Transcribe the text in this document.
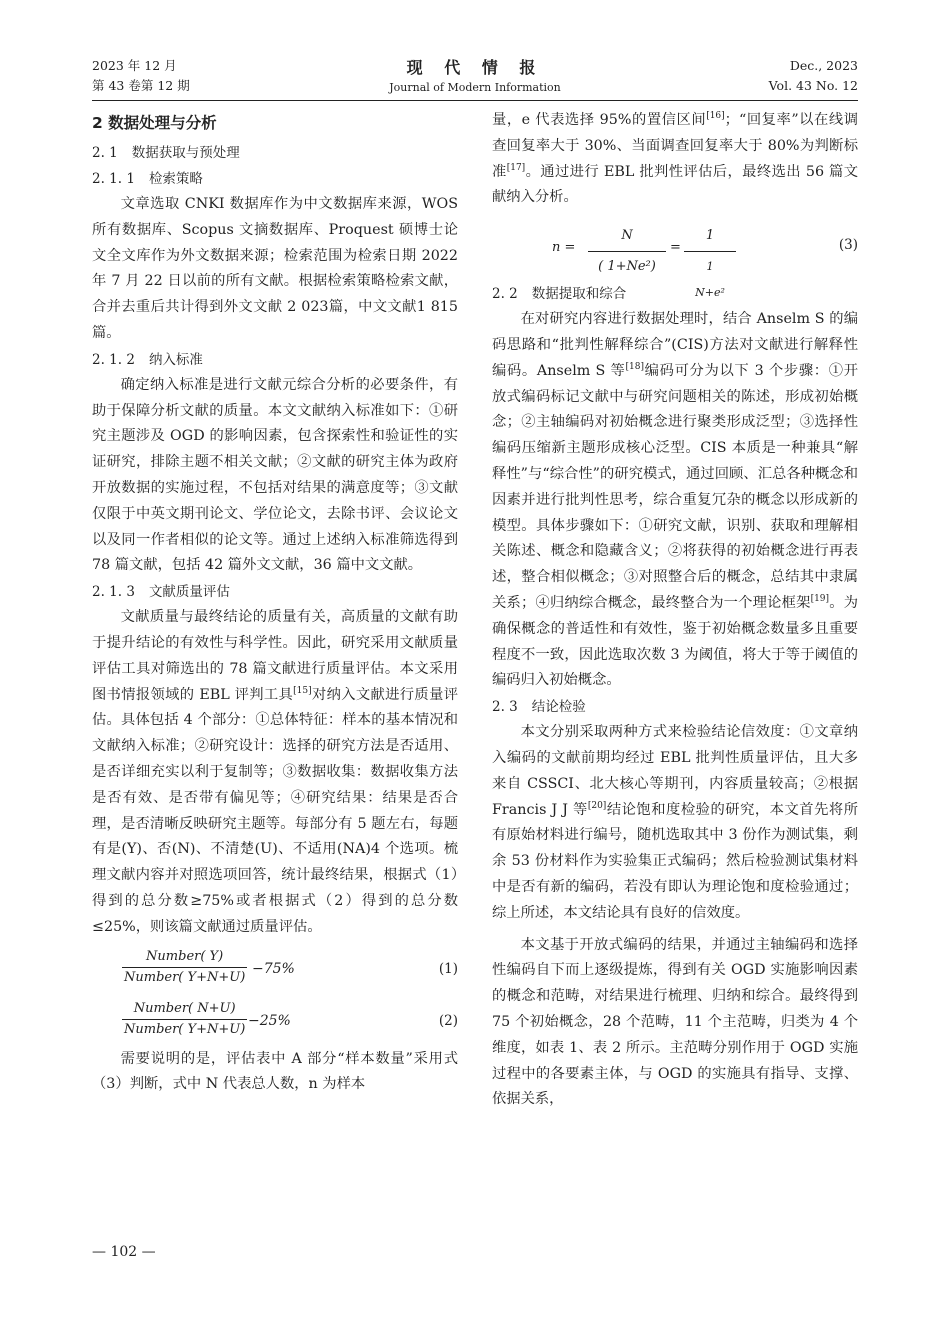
2023 年 12 月
第 43 卷第 12 期
现 代 情 报
Journal of Modern Information
Dec., 2023
Vol. 43 No. 12
2 数据处理与分析
2. 1 数据获取与预处理
2. 1. 1 检索策略

文章选取 CNKI 数据库作为中文数据库来源，WOS 所有数据库、Scopus 文摘数据库、Proquest 硕博士论文全文库作为外文数据来源；检索范围为检索日期 2022 年 7 月 22 日以前的所有文献。根据检索策略检索文献，合并去重后共计得到外文文献 2 023篇，中文文献1 815篇。

2. 1. 2 纳入标准

确定纳入标准是进行文献元综合分析的必要条件，有助于保障分析文献的质量。本文文献纳入标准如下：①研究主题涉及 OGD 的影响因素，包含探索性和验证性的实证研究，排除主题不相关文献；②文献的研究主体为政府开放数据的实施过程，不包括对结果的满意度等；③文献仅限于中英文期刊论文、学位论文，去除书评、会议论文以及同一作者相似的论文等。通过上述纳入标准筛选得到 78 篇文献，包括 42 篇外文文献，36 篇中文文献。

2. 1. 3 文献质量评估

文献质量与最终结论的质量有关，高质量的文献有助于提升结论的有效性与科学性。因此，研究采用文献质量评估工具对筛选出的 78 篇文献进行质量评估。本文采用图书情报领域的 EBL 评判工具[15]对纳入文献进行质量评估。具体包括 4 个部分：①总体特征：样本的基本情况和文献纳入标准；②研究设计：选择的研究方法是否适用、是否详细充实以利于复制等；③数据收集：数据收集方法是否有效、是否带有偏见等；④研究结果：结果是否合理，是否清晰反映研究主题等。每部分有 5 题左右，每题有是(Y)、否(N)、不清楚(U)、不适用(NA)4 个选项。梳理文献内容并对照选项回答，统计最终结果，根据式（1）得到的总分数≥75%或者根据式（2）得到的总分数≤25%，则该篇文献通过质量评估。

Number( Y)
Number( Y+N+U)
−75%	(1)
Number( N+U)
Number( Y+N+U)
−25%	(2)

需要说明的是，评估表中 A 部分“样本数量”采用式（3）判断，式中 N 代表总人数，n 为样本

量，e 代表选择 95%的置信区间[16]；“回复率”以在线调查回复率大于 30%、当面调查回复率大于 80%为判断标准[17]。通过进行 EBL 批判性评估后，最终选出 56 篇文献纳入分析。

n =
N
( 1+Ne²)
=
1
1
N+e²
(3)
2. 2 数据提取和综合

在对研究内容进行数据处理时，结合 Anselm S 的编码思路和“批判性解释综合”(CIS)方法对文献进行解释性编码。Anselm S 等[18]编码可分为以下 3 个步骤：①开放式编码标记文献中与研究问题相关的陈述，形成初始概念；②主轴编码对初始概念进行聚类形成泛型；③选择性编码压缩新主题形成核心泛型。CIS 本质是一种兼具“解释性”与“综合性”的研究模式，通过回顾、汇总各种概念和因素并进行批判性思考，综合重复冗杂的概念以形成新的模型。具体步骤如下：①研究文献，识别、获取和理解相关陈述、概念和隐藏含义；②将获得的初始概念进行再表述，整合相似概念；③对照整合后的概念，总结其中隶属关系；④归纳综合概念，最终整合为一个理论框架[19]。为确保概念的普适性和有效性，鉴于初始概念数量多且重要程度不一致，因此选取次数 3 为阈值，将大于等于阈值的编码归入初始概念。

2. 3 结论检验

本文分别采取两种方式来检验结论信效度：①文章纳入编码的文献前期均经过 EBL 批判性质量评估，且大多来自 CSSCI、北大核心等期刊，内容质量较高；②根据 Francis J J 等[20]结论饱和度检验的研究，本文首先将所有原始材料进行编号，随机选取其中 3 份作为测试集，剩余 53 份材料作为实验集正式编码；然后检验测试集材料中是否有新的编码，若没有即认为理论饱和度检验通过；综上所述，本文结论具有良好的信效度。

本文基于开放式编码的结果，并通过主轴编码和选择性编码自下而上逐级提炼，得到有关 OGD 实施影响因素的概念和范畴，对结果进行梳理、归纳和综合。最终得到 75 个初始概念，28 个范畴，11 个主范畴，归类为 4 个维度，如表 1、表 2 所示。主范畴分别作用于 OGD 实施过程中的各要素主体，与 OGD 的实施具有指导、支撑、依据关系，

— 102 —
